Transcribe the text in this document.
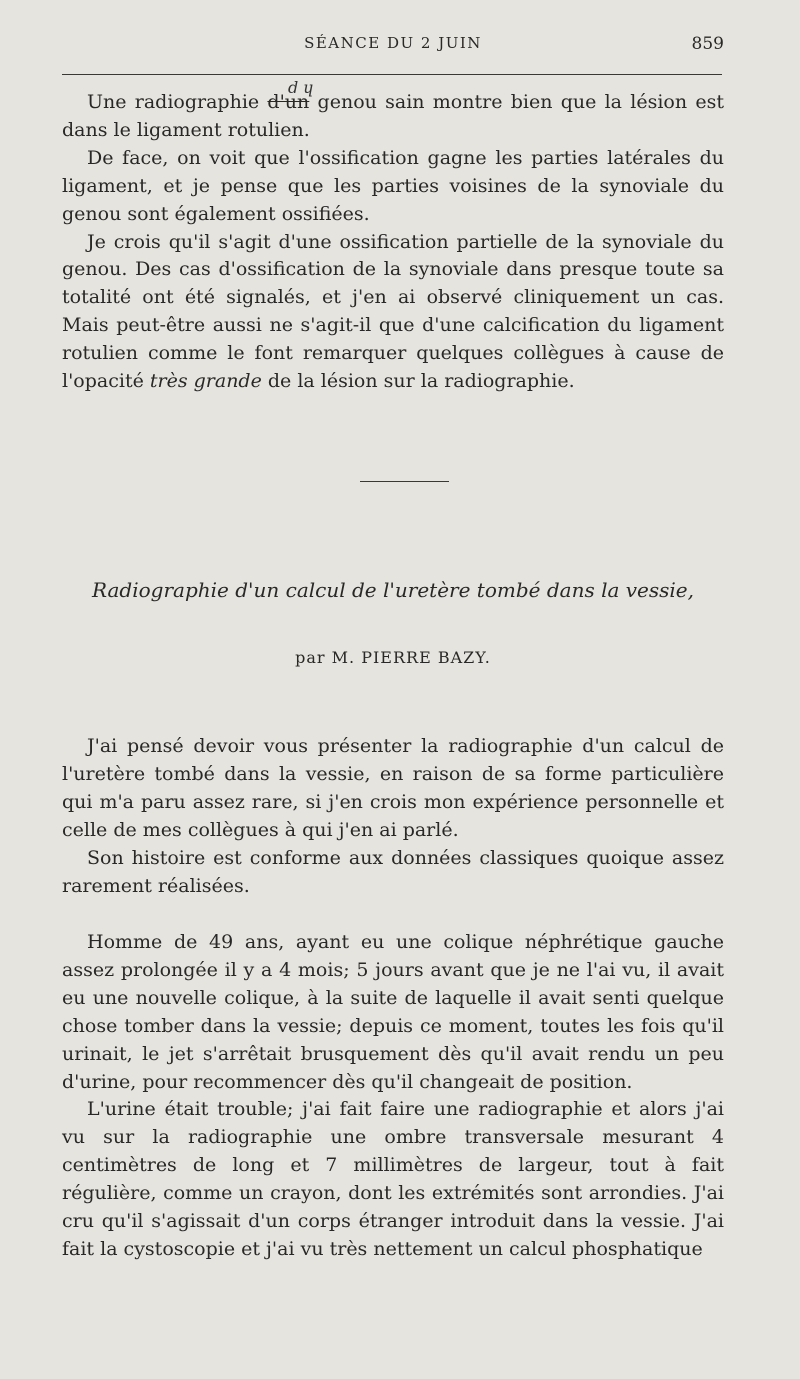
SÉANCE DU 2 JUIN	859
d ɥ

Une radiographie d'un genou sain montre bien que la lésion est dans le ligament rotulien.

De face, on voit que l'ossification gagne les parties latérales du ligament, et je pense que les parties voisines de la synoviale du genou sont également ossifiées.

Je crois qu'il s'agit d'une ossification partielle de la synoviale du genou. Des cas d'ossification de la synoviale dans presque toute sa totalité ont été signalés, et j'en ai observé cliniquement un cas. Mais peut-être aussi ne s'agit-il que d'une calcification du ligament rotulien comme le font remarquer quelques collègues à cause de l'opacité très grande de la lésion sur la radiographie.

Radiographie d'un calcul de l'uretère tombé dans la vessie,
par M. PIERRE BAZY.

J'ai pensé devoir vous présenter la radiographie d'un calcul de l'uretère tombé dans la vessie, en raison de sa forme particulière qui m'a paru assez rare, si j'en crois mon expérience personnelle et celle de mes collègues à qui j'en ai parlé.

Son histoire est conforme aux données classiques quoique assez rarement réalisées.

Homme de 49 ans, ayant eu une colique néphrétique gauche assez prolongée il y a 4 mois; 5 jours avant que je ne l'ai vu, il avait eu une nouvelle colique, à la suite de laquelle il avait senti quelque chose tomber dans la vessie; depuis ce moment, toutes les fois qu'il urinait, le jet s'arrêtait brusquement dès qu'il avait rendu un peu d'urine, pour recommencer dès qu'il changeait de position.

L'urine était trouble; j'ai fait faire une radiographie et alors j'ai vu sur la radiographie une ombre transversale mesurant 4 centimètres de long et 7 millimètres de largeur, tout à fait régulière, comme un crayon, dont les extrémités sont arrondies. J'ai cru qu'il s'agissait d'un corps étranger introduit dans la vessie. J'ai fait la cystoscopie et j'ai vu très nettement un calcul phosphatique
